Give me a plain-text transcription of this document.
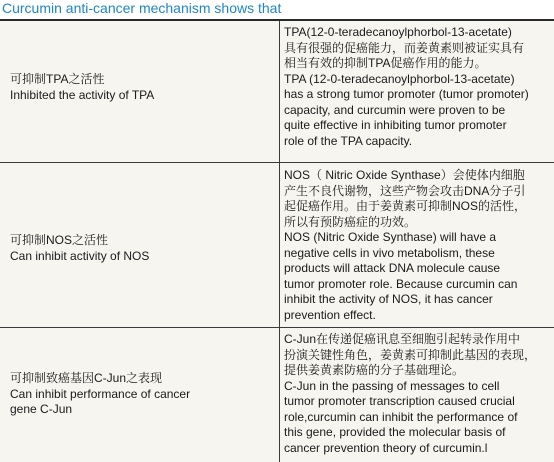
Curcumin anti-cancer mechanism shows that
可抑制TPA之活性
Inhibited the activity of TPA
TPA(12-0-teradecanoylphorbol-13-acetate)
具有很强的促癌能力，而姜黄素则被证实具有
相当有效的抑制TPA促癌作用的能力。
TPA (12-0-teradecanoylphorbol-13-acetate)
has a strong tumor promoter (tumor promoter)
capacity, and curcumin were proven to be
quite effective in inhibiting tumor promoter
role of the TPA capacity.
可抑制NOS之活性
Can inhibit activity of NOS
NOS（ Nitric Oxide Synthase）会使体内细胞
产生不良代谢物，这些产物会攻击DNA分子引
起促癌作用。由于姜黄素可抑制NOS的活性，
所以有预防癌症的功效。
NOS (Nitric Oxide Synthase) will have a
negative cells in vivo metabolism, these
products will attack DNA molecule cause
tumor promoter role. Because curcumin can
inhibit the activity of NOS, it has cancer
prevention effect.
可抑制致癌基因C-Jun之表现
Can inhibit performance of cancer
gene C-Jun
C-Jun在传递促癌讯息至细胞引起转录作用中
扮演关键性角色，姜黄素可抑制此基因的表现，
提供姜黄素防癌的分子基础理论。
C-Jun in the passing of messages to cell
tumor promoter transcription caused crucial
role,curcumin can inhibit the performance of
this gene, provided the molecular basis of
cancer prevention theory of curcumin.l
